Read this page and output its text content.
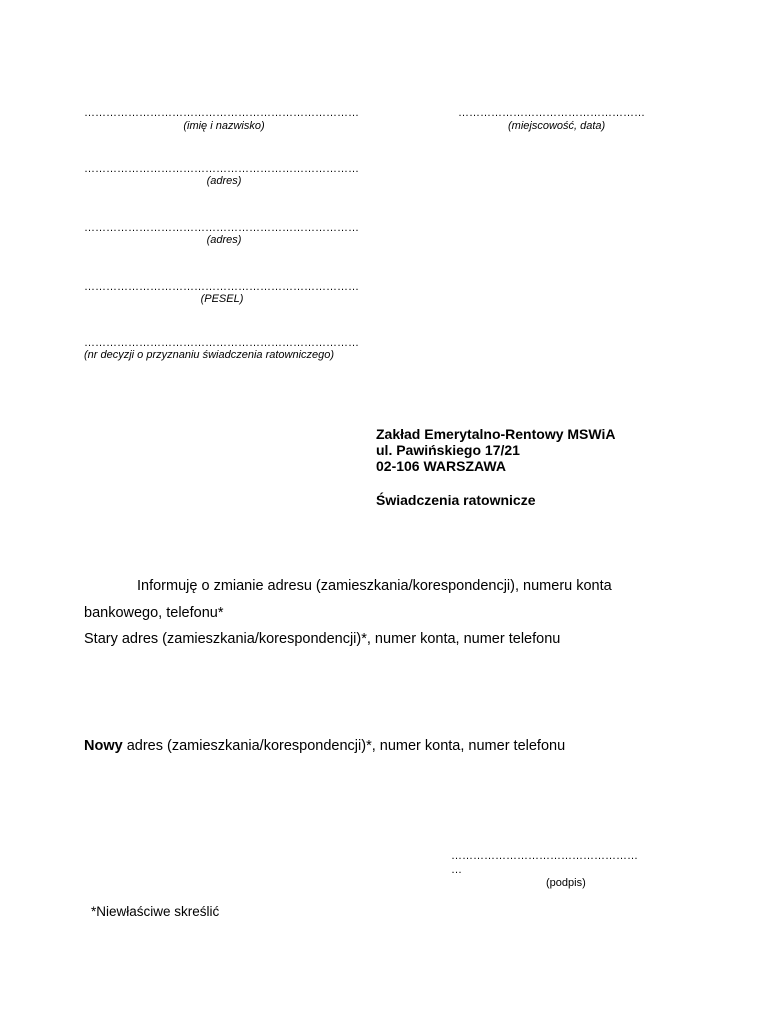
…………………………………………………………………
(imię i nazwisko)
……………………………………………
(miejscowość, data)
…………………………………………………………………
(adres)
…………………………………………………………………
(adres)
…………………………………………………………………
(PESEL)
…………………………………………………………………
(nr decyzji o przyznaniu świadczenia ratowniczego)
Zakład Emerytalno-Rentowy MSWiA
ul. Pawińskiego 17/21
02-106 WARSZAWA
Świadczenia ratownicze
Informuję o zmianie adresu (zamieszkania/korespondencji), numeru konta
bankowego, telefonu*
Stary adres (zamieszkania/korespondencji)*, numer konta, numer telefonu
Nowy adres (zamieszkania/korespondencji)*, numer konta, numer telefonu
……………………………………………
…
(podpis)
*Niewłaściwe skreślić
